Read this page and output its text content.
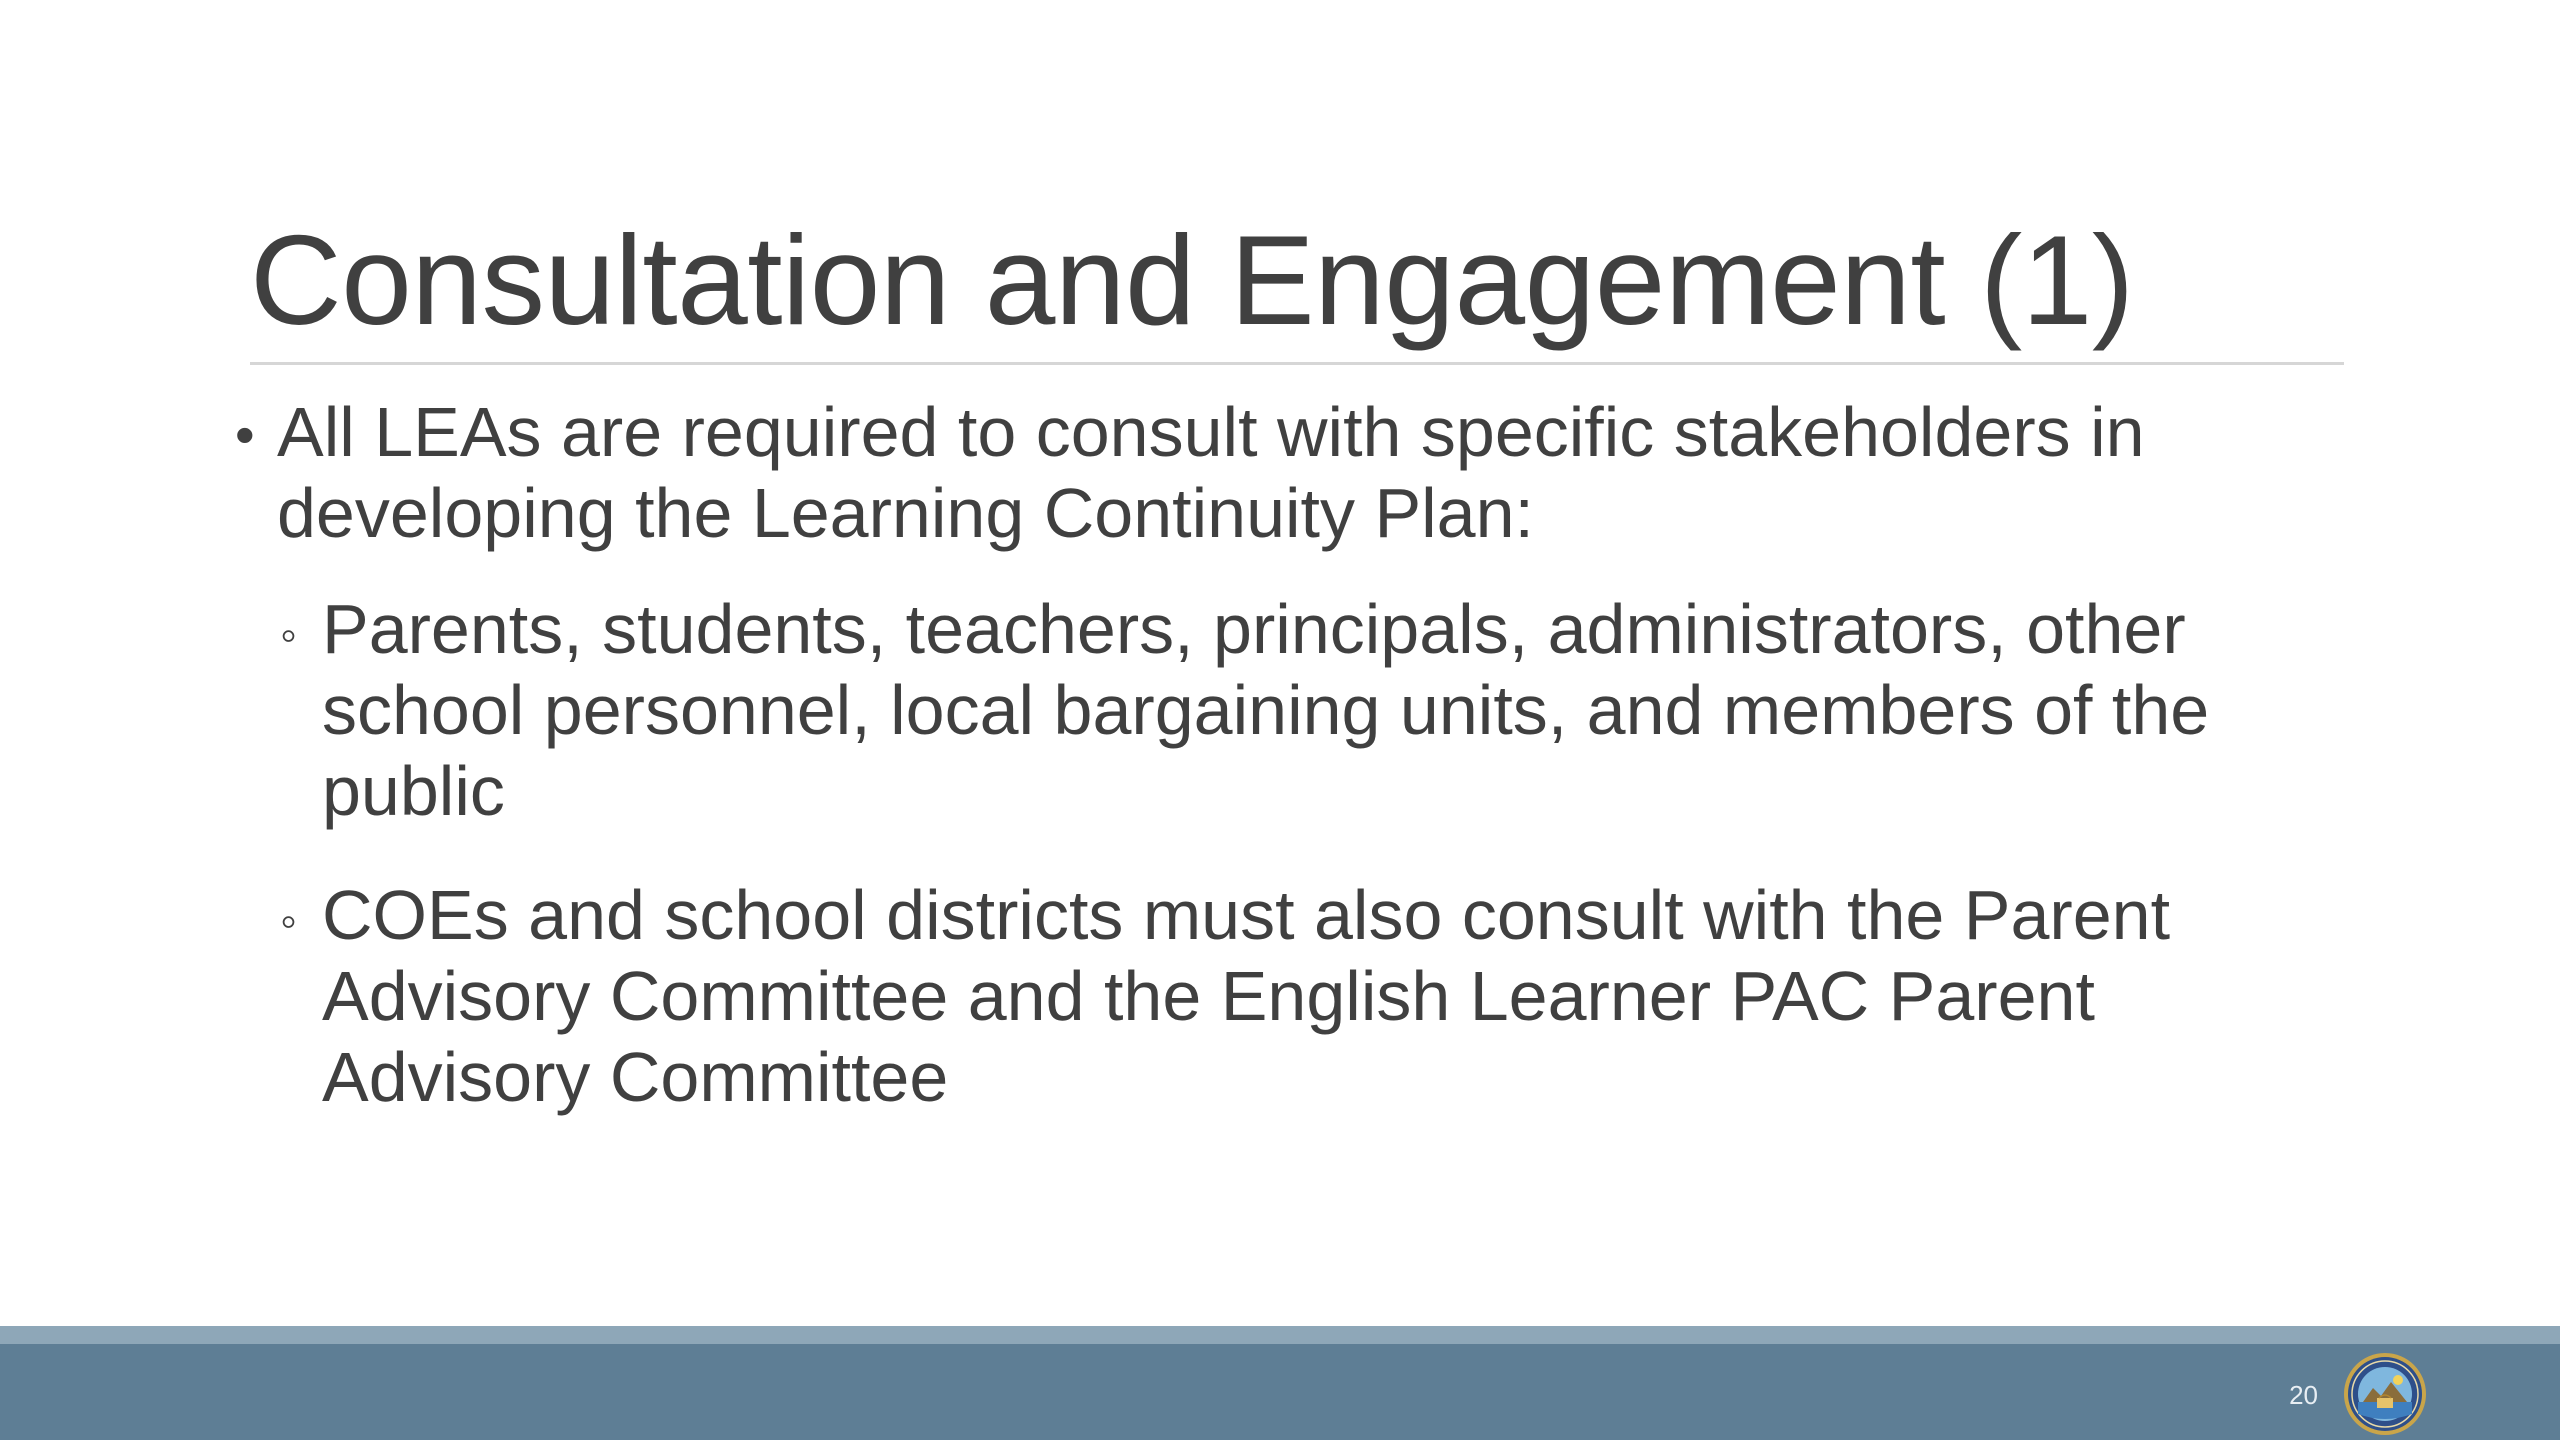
Consultation and Engagement (1)
• All LEAs are required to consult with specific stakeholders in developing the Learning Continuity Plan:
◦ Parents, students, teachers, principals, administrators, other school personnel, local bargaining units, and members of the public
◦ COEs and school districts must also consult with the Parent Advisory Committee and the English Learner PAC Parent Advisory Committee
20
